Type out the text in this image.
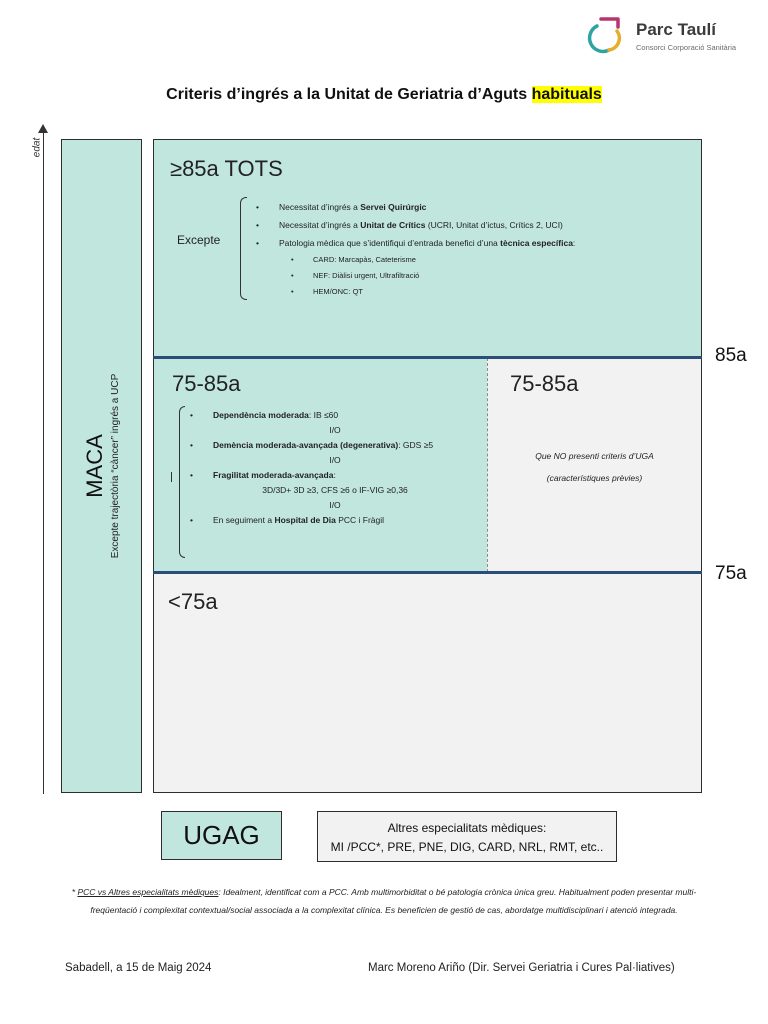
Parc Taulí
Consorci Corporació Sanitària
Criteris d’ingrés a la Unitat de Geriatria d’Aguts habituals
edat
MACA Excepte trajectòria “càncer” ingrés a UCP
≥85a TOTS
Excepte
• Necessitat d’ingrés a Servei Quirúrgic
• Necessitat d’ingrés a Unitat de Crítics (UCRI, Unitat d’ictus, Crítics 2, UCI)
• Patologia mèdica que s’identifiqui d’entrada benefici d’una tècnica específica:
• CARD: Marcapàs, Cateterisme
• NEF: Diàlisi urgent, Ultrafiltració
• HEM/ONC: QT
85a
75a
75-85a
• Dependència moderada: IB ≤60
I/O
• Demència moderada-avançada (degenerativa): GDS ≥5
I/O
• Fragilitat moderada-avançada:
3D/3D+ 3D ≥3, CFS ≥6 o IF-VIG ≥0,36
I/O
• En seguiment a Hospital de Dia PCC i Fràgil
75-85a
Que NO presenti criteris d’UGA
(característiques prèvies)
<75a
UGAG	Altres especialitats mèdiques:
MI /PCC*, PRE, PNE, DIG, CARD, NRL, RMT, etc..
* PCC vs Altres especialitats mèdiques: Idealment, identificat com a PCC. Amb multimorbiditat o bé patologia crònica única greu. Habitualment poden presentar multi-freqüentació i complexitat contextual/social associada a la complexitat clínica. Es beneficien de gestió de cas, abordatge multidisciplinari i atenció integrada.
Sabadell, a 15 de Maig 2024	Marc Moreno Ariño (Dir. Servei Geriatria i Cures Pal·liatives)
